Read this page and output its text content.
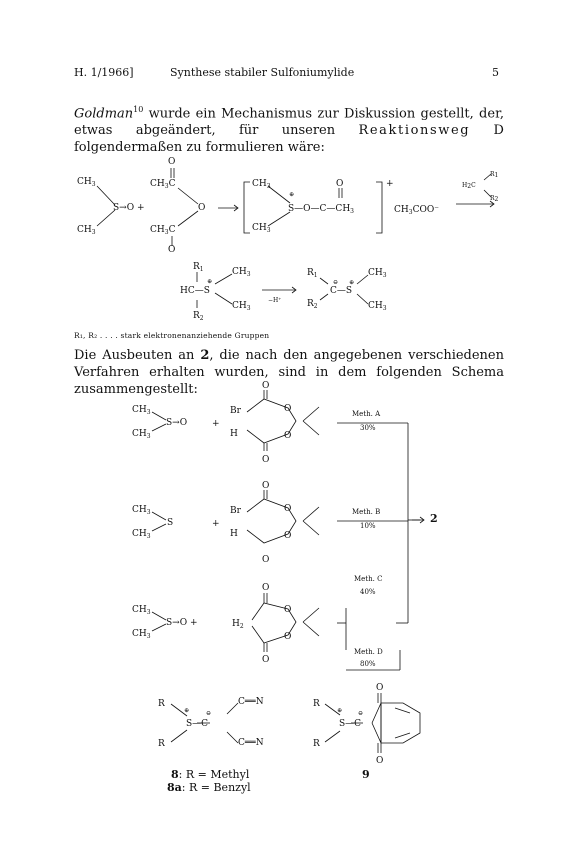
H. 1/1966]	Synthese stabiler Sulfoniumylide	5
Goldman$^{10}$ wurde ein Mechanismus zur Diskussion gestellt, der, etwas abgeändert, für unseren Reaktionsweg D folgendermaßen zu formulieren wäre:
R₁, R₂ . . . . stark elektronenanziehende Gruppen
Die Ausbeuten an 2, die nach den angegebenen verschiedenen Verfahren erhalten wurden, sind in dem folgenden Schema zusammengestellt:
$CH_3$
$CH_3$
S→O +
O
$CH_3C$
$CH_3C$
O
O
$CH_3$
$CH_3$
⊕
$S—O—C—CH_3$
O	+
$CH_3COO^-$
H2C
R1
R2
$R_1$
HC—S
⊕
$CH_3$
$CH_3$
$R_2$
−H⁺
$R_1$
$R_2$
C—S
⊖ ⊕
$CH_3$
$CH_3$
$CH_3$
$CH_3$
S→O	+
Br
H
O
O
O
O
$CH_3$
$CH_3$
S	+
Br
H
O
O
O
O
$CH_3$
$CH_3$
S→O +	$H_2$
O
O
O
O
R
R
⊕
S—C
⊖
C══N
C══N
R
R
⊕
S—C
⊖
O
O
Meth. A
30%
Meth. B
10%
Meth. C
40%
Meth. D
80%
2
8: R = Methyl
8a: R = Benzyl
9
